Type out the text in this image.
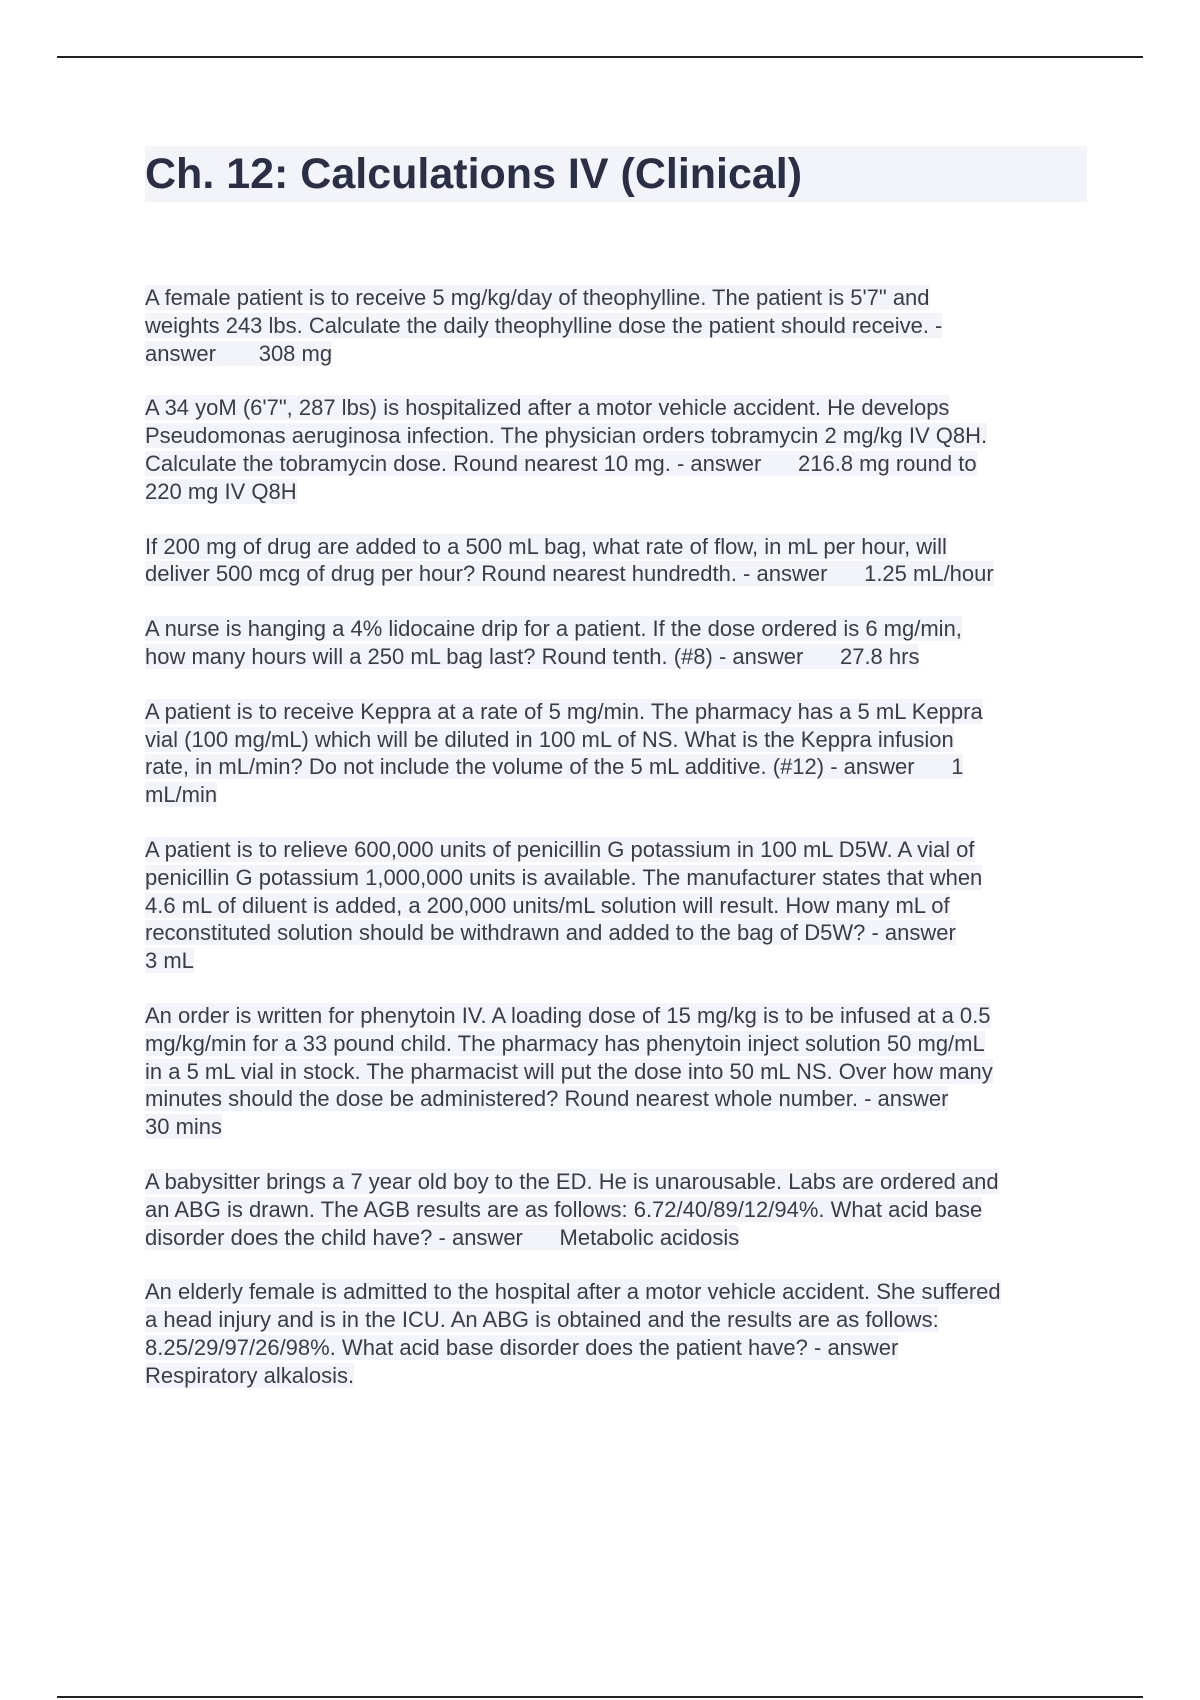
Ch. 12: Calculations IV (Clinical)
A female patient is to receive 5 mg/kg/day of theophylline. The patient is 5'7" and
weights 243 lbs. Calculate the daily theophylline dose the patient should receive. -
answer       308 mg
A 34 yoM (6'7", 287 lbs) is hospitalized after a motor vehicle accident. He develops
Pseudomonas aeruginosa infection. The physician orders tobramycin 2 mg/kg IV Q8H.
Calculate the tobramycin dose. Round nearest 10 mg. - answer      216.8 mg round to
220 mg IV Q8H
If 200 mg of drug are added to a 500 mL bag, what rate of flow, in mL per hour, will
deliver 500 mcg of drug per hour? Round nearest hundredth. - answer      1.25 mL/hour
A nurse is hanging a 4% lidocaine drip for a patient. If the dose ordered is 6 mg/min,
how many hours will a 250 mL bag last? Round tenth. (#8) - answer      27.8 hrs
A patient is to receive Keppra at a rate of 5 mg/min. The pharmacy has a 5 mL Keppra
vial (100 mg/mL) which will be diluted in 100 mL of NS. What is the Keppra infusion
rate, in mL/min? Do not include the volume of the 5 mL additive. (#12) - answer      1
mL/min
A patient is to relieve 600,000 units of penicillin G potassium in 100 mL D5W. A vial of
penicillin G potassium 1,000,000 units is available. The manufacturer states that when
4.6 mL of diluent is added, a 200,000 units/mL solution will result. How many mL of
reconstituted solution should be withdrawn and added to the bag of D5W? - answer
3 mL
An order is written for phenytoin IV. A loading dose of 15 mg/kg is to be infused at a 0.5
mg/kg/min for a 33 pound child. The pharmacy has phenytoin inject solution 50 mg/mL
in a 5 mL vial in stock. The pharmacist will put the dose into 50 mL NS. Over how many
minutes should the dose be administered? Round nearest whole number. - answer
30 mins
A babysitter brings a 7 year old boy to the ED. He is unarousable. Labs are ordered and
an ABG is drawn. The AGB results are as follows: 6.72/40/89/12/94%. What acid base
disorder does the child have? - answer      Metabolic acidosis
An elderly female is admitted to the hospital after a motor vehicle accident. She suffered
a head injury and is in the ICU. An ABG is obtained and the results are as follows:
8.25/29/97/26/98%. What acid base disorder does the patient have? - answer
Respiratory alkalosis.
